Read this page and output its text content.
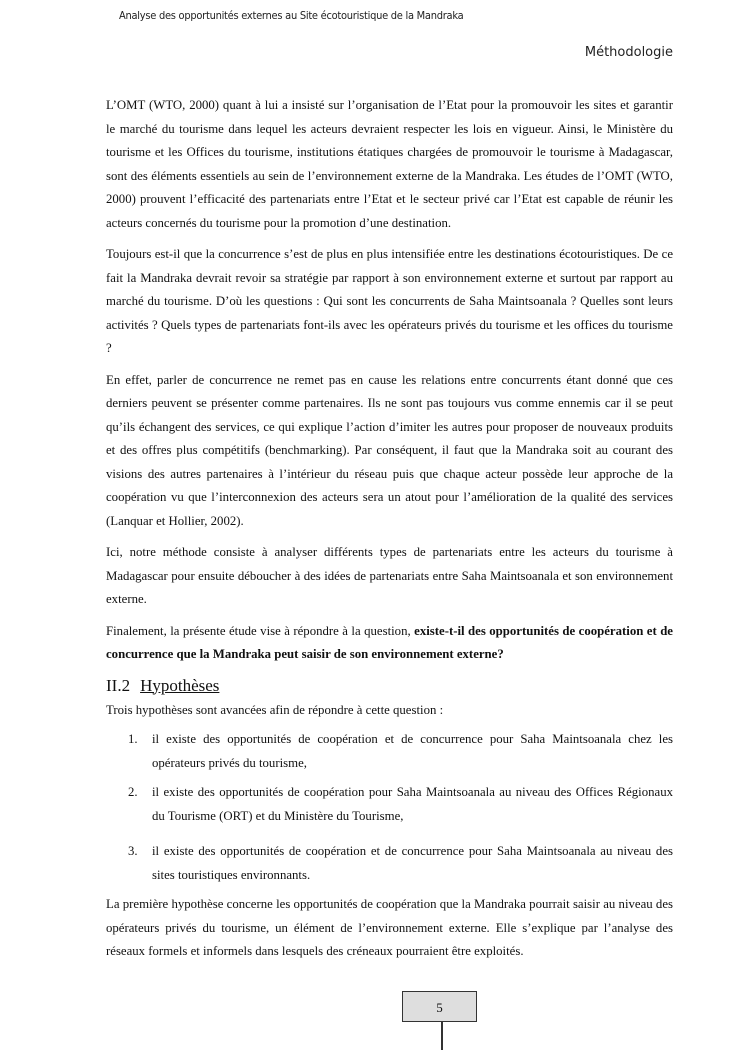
Analyse des opportunités externes au Site écotouristique de la Mandraka
Méthodologie

L’OMT (WTO, 2000) quant à lui a insisté sur l’organisation de l’Etat pour la promouvoir les sites et garantir le marché du tourisme dans lequel les acteurs devraient respecter les lois en vigueur. Ainsi, le Ministère du tourisme et les Offices du tourisme, institutions étatiques chargées de promouvoir le tourisme à Madagascar, sont des éléments essentiels au sein de l’environnement externe de la Mandraka. Les études de l’OMT (WTO, 2000) prouvent l’efficacité des partenariats entre l’Etat et le secteur privé car l’Etat est capable de réunir les acteurs concernés du tourisme pour la promotion d’une destination.

Toujours est-il que la concurrence s’est de plus en plus intensifiée entre les destinations écotouristiques. De ce fait la Mandraka devrait revoir sa stratégie par rapport à son environnement externe et surtout par rapport au marché du tourisme. D’où les questions : Qui sont les concurrents de Saha Maintsoanala ? Quelles sont leurs activités ? Quels types de partenariats font-ils avec les opérateurs privés du tourisme et les offices du tourisme ?

En effet, parler de concurrence ne remet pas en cause les relations entre concurrents étant donné que ces derniers peuvent se présenter comme partenaires. Ils ne sont pas toujours vus comme ennemis car il se peut qu’ils échangent des services, ce qui explique l’action d’imiter les autres pour proposer de nouveaux produits et des offres plus compétitifs (benchmarking). Par conséquent, il faut que la Mandraka soit au courant des visions des autres partenaires à l’intérieur du réseau puis que chaque acteur possède leur approche de la coopération vu que l’interconnexion des acteurs sera un atout pour l’amélioration de la qualité des services (Lanquar et Hollier, 2002).

Ici, notre méthode consiste à analyser différents types de partenariats entre les acteurs du tourisme à Madagascar pour ensuite déboucher à des idées de partenariats entre Saha Maintsoanala et son environnement externe.

Finalement, la présente étude vise à répondre à la question, existe-t-il des opportunités de coopération et de concurrence que la Mandraka peut saisir de son environnement externe?

II.2 Hypothèses
Trois hypothèses sont avancées afin de répondre à cette question :
1. il existe des opportunités de coopération et de concurrence pour Saha Maintsoanala chez les opérateurs privés du tourisme,
2. il existe des opportunités de coopération pour Saha Maintsoanala au niveau des Offices Régionaux du Tourisme (ORT) et du Ministère du Tourisme,
3. il existe des opportunités de coopération et de concurrence pour Saha Maintsoanala au niveau des sites touristiques environnants.

La première hypothèse concerne les opportunités de coopération que la Mandraka pourrait saisir au niveau des opérateurs privés du tourisme, un élément de l’environnement externe. Elle s’explique par l’analyse des réseaux formels et informels dans lesquels des créneaux pourraient être exploités.

5
